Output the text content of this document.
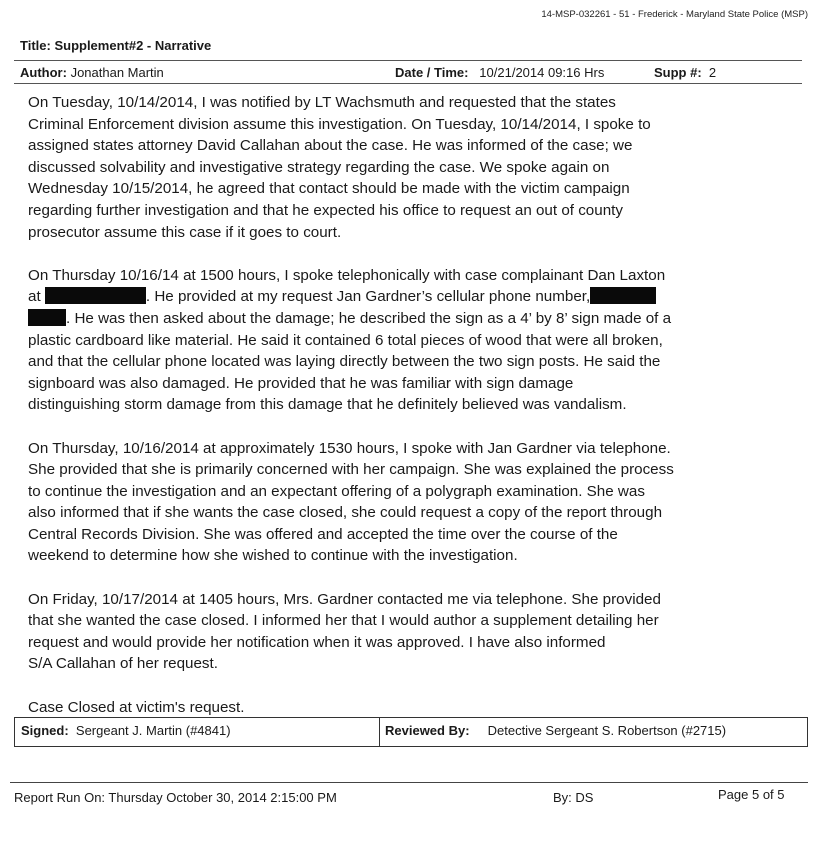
14-MSP-032261 - 51 - Frederick - Maryland State Police (MSP)
Title: Supplement#2 - Narrative
Author: Jonathan Martin	Date / Time: 10/21/2014 09:16 Hrs	Supp #: 2

On Tuesday, 10/14/2014, I was notified by LT Wachsmuth and requested that the states
Criminal Enforcement division assume this investigation. On Tuesday, 10/14/2014, I spoke to
assigned states attorney David Callahan about the case. He was informed of the case; we
discussed solvability and investigative strategy regarding the case. We spoke again on
Wednesday 10/15/2014, he agreed that contact should be made with the victim campaign
regarding further investigation and that he expected his office to request an out of county
prosecutor assume this case if it goes to court.

On Thursday 10/16/14 at 1500 hours, I spoke telephonically with case complainant Dan Laxton
at	. He provided at my request Jan Gardner’s cellular phone number,
. He was then asked about the damage; he described the sign as a 4’ by 8’ sign made of a
plastic cardboard like material. He said it contained 6 total pieces of wood that were all broken,
and that the cellular phone located was laying directly between the two sign posts. He said the
signboard was also damaged. He provided that he was familiar with sign damage
distinguishing storm damage from this damage that he definitely believed was vandalism.

On Thursday, 10/16/2014 at approximately 1530 hours, I spoke with Jan Gardner via telephone.
She provided that she is primarily concerned with her campaign. She was explained the process
to continue the investigation and an expectant offering of a polygraph examination. She was
also informed that if she wants the case closed, she could request a copy of the report through
Central Records Division. She was offered and accepted the time over the course of the
weekend to determine how she wished to continue with the investigation.

On Friday, 10/17/2014 at 1405 hours, Mrs. Gardner contacted me via telephone. She provided
that she wanted the case closed. I informed her that I would author a supplement detailing her
request and would provide her notification when it was approved. I have also informed
S/A Callahan of her request.

Case Closed at victim's request.

Signed: Sergeant J. Martin (#4841)	Reviewed By: Detective Sergeant S. Robertson (#2715)
Report Run On: Thursday October 30, 2014 2:15:00 PM	By: DS	Page 5 of 5
